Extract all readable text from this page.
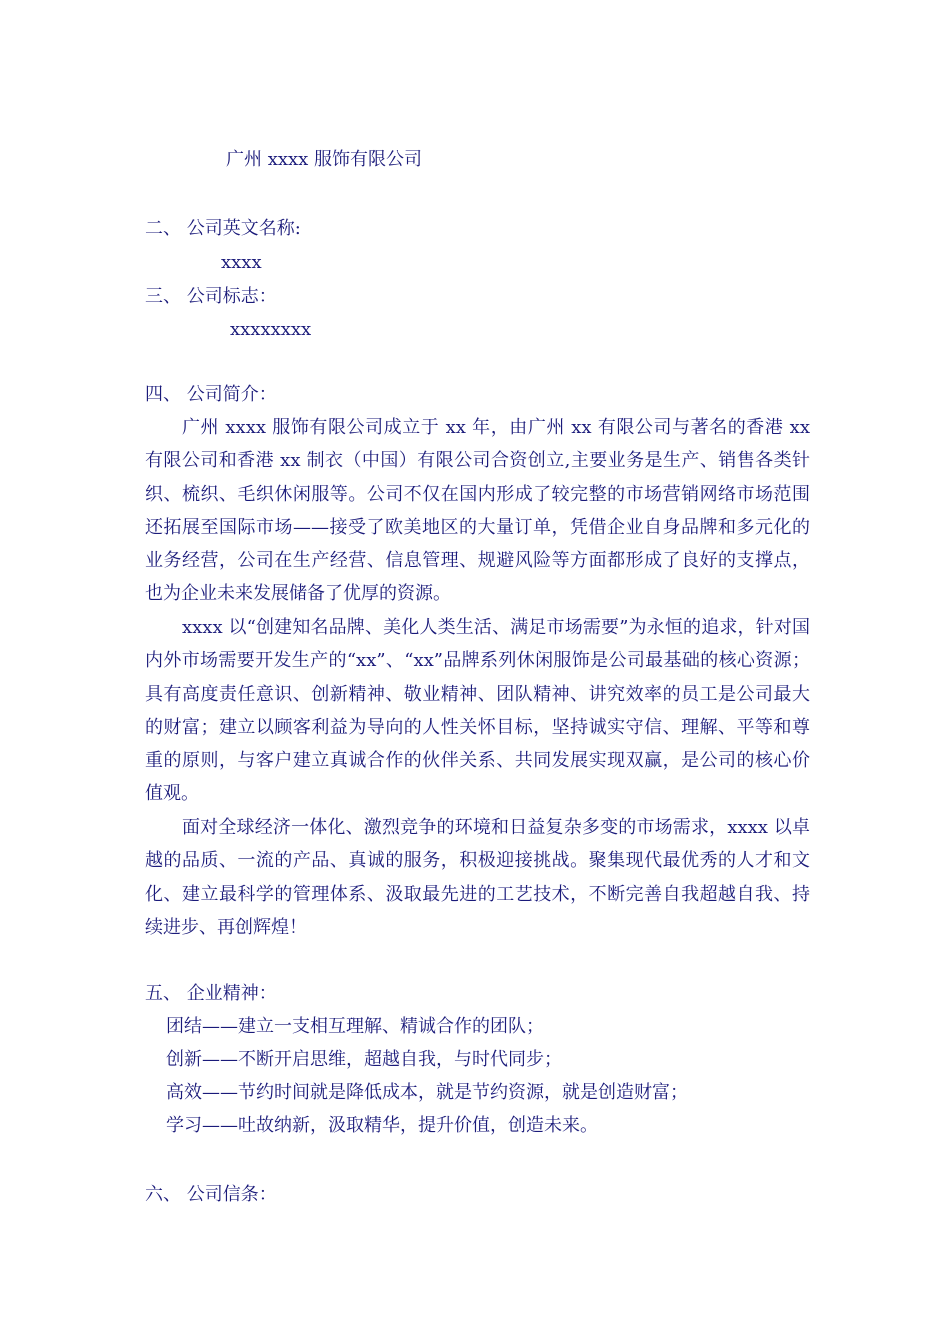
广州 xxxx 服饰有限公司
二、 公司英文名称:
xxxx
三、 公司标志：
xxxxxxxx
四、 公司简介：
广州 xxxx 服饰有限公司成立于 xx 年，由广州 xx 有限公司与著名的香港 xx 有限公司和香港 xx 制衣（中国）有限公司合资创立,主要业务是生产、销售各类针织、梳织、毛织休闲服等。公司不仅在国内形成了较完整的市场营销网络市场范围还拓展至国际市场——接受了欧美地区的大量订单，凭借企业自身品牌和多元化的业务经营，公司在生产经营、信息管理、规避风险等方面都形成了良好的支撑点，也为企业未来发展储备了优厚的资源。
xxxx 以“创建知名品牌、美化人类生活、满足市场需要”为永恒的追求，针对国内外市场需要开发生产的“xx”、“xx”品牌系列休闲服饰是公司最基础的核心资源；具有高度责任意识、创新精神、敬业精神、团队精神、讲究效率的员工是公司最大的财富；建立以顾客利益为导向的人性关怀目标，坚持诚实守信、理解、平等和尊重的原则，与客户建立真诚合作的伙伴关系、共同发展实现双赢，是公司的核心价值观。
面对全球经济一体化、激烈竞争的环境和日益复杂多变的市场需求，xxxx 以卓越的品质、一流的产品、真诚的服务，积极迎接挑战。聚集现代最优秀的人才和文化、建立最科学的管理体系、汲取最先进的工艺技术，不断完善自我超越自我、持续进步、再创辉煌！
五、 企业精神：
团结——建立一支相互理解、精诚合作的团队；
创新——不断开启思维，超越自我，与时代同步；
高效——节约时间就是降低成本，就是节约资源，就是创造财富；
学习——吐故纳新，汲取精华，提升价值，创造未来。
六、 公司信条：
